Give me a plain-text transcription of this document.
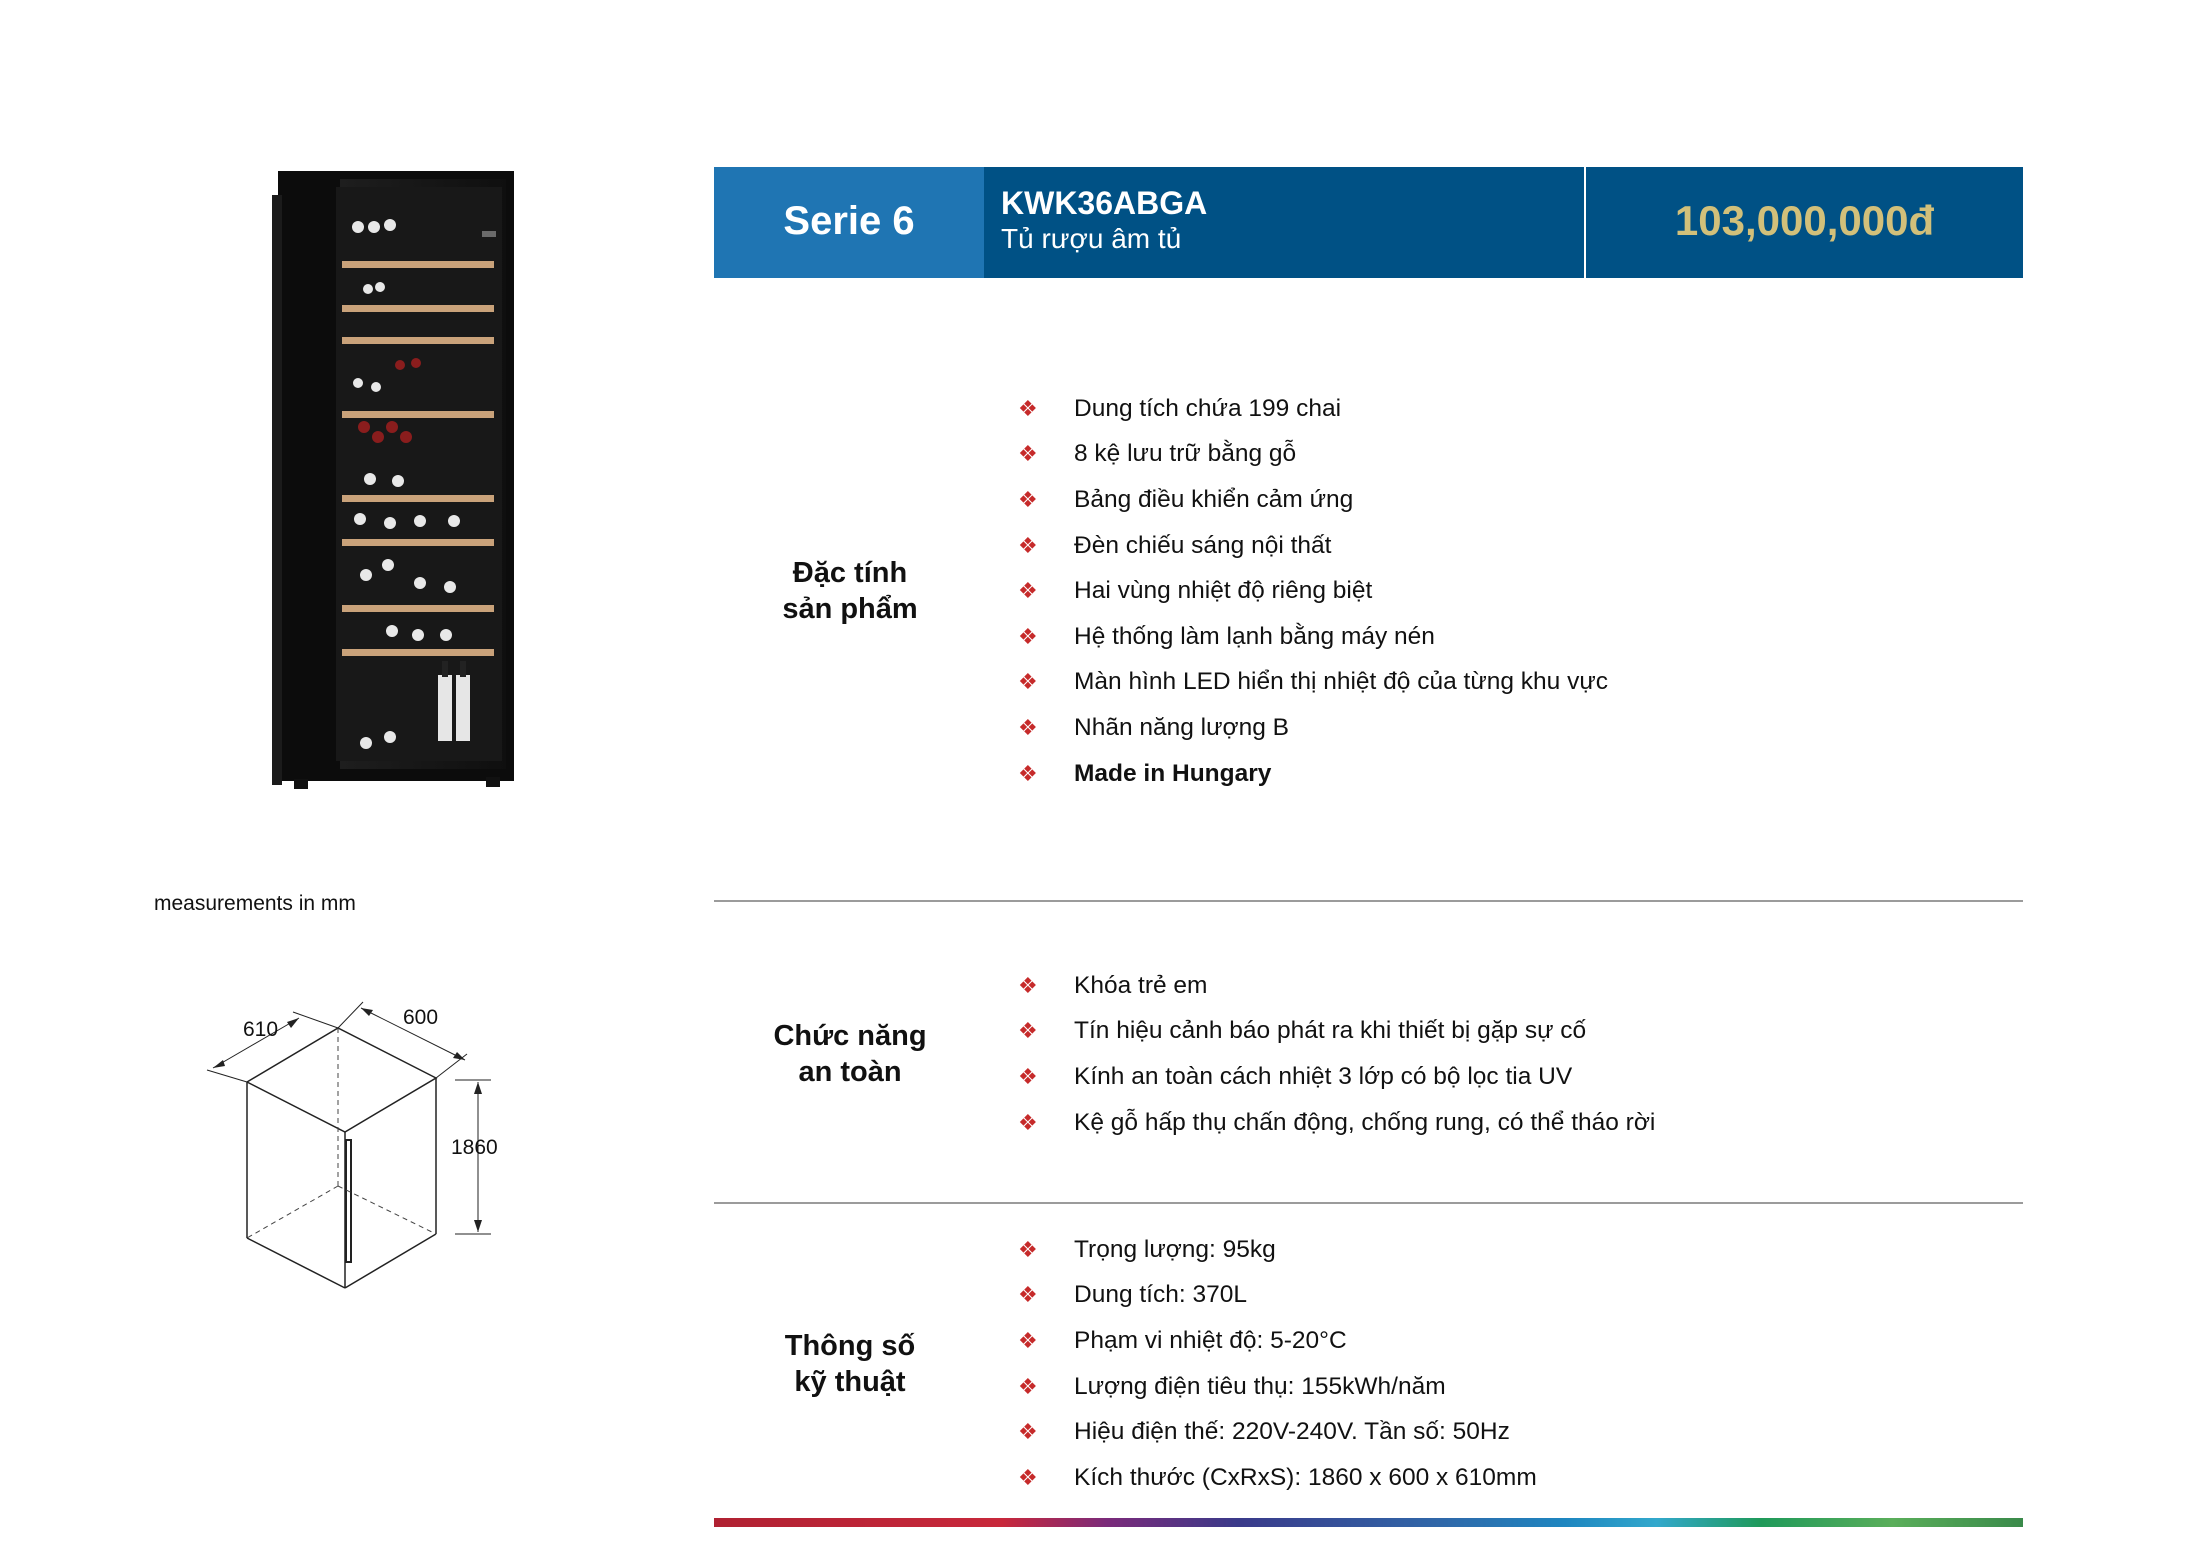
measurements in mm
610
600
1860
Serie 6	KWK36ABGA
Tủ rượu âm tủ	103,000,000đ
Đặc tính
sản phẩm
❖	Dung tích chứa 199 chai
❖	8 kệ lưu trữ bằng gỗ
❖	Bảng điều khiển cảm ứng
❖	Đèn chiếu sáng nội thất
❖	Hai vùng nhiệt độ riêng biệt
❖	Hệ thống làm lạnh bằng máy nén
❖	Màn hình LED hiển thị nhiệt độ của từng khu vực
❖	Nhãn năng lượng B
❖	Made in Hungary
Chức năng
an toàn
❖	Khóa trẻ em
❖	Tín hiệu cảnh báo phát ra khi thiết bị gặp sự cố
❖	Kính an toàn cách nhiệt 3 lớp có bộ lọc tia UV
❖	Kệ gỗ hấp thụ chấn động, chống rung, có thể tháo rời
Thông số
kỹ thuật
❖	Trọng lượng: 95kg
❖	Dung tích: 370L
❖	Phạm vi nhiệt độ: 5-20°C
❖	Lượng điện tiêu thụ: 155kWh/năm
❖	Hiệu điện thế: 220V-240V. Tần số: 50Hz
❖	Kích thước (CxRxS): 1860 x 600 x 610mm
